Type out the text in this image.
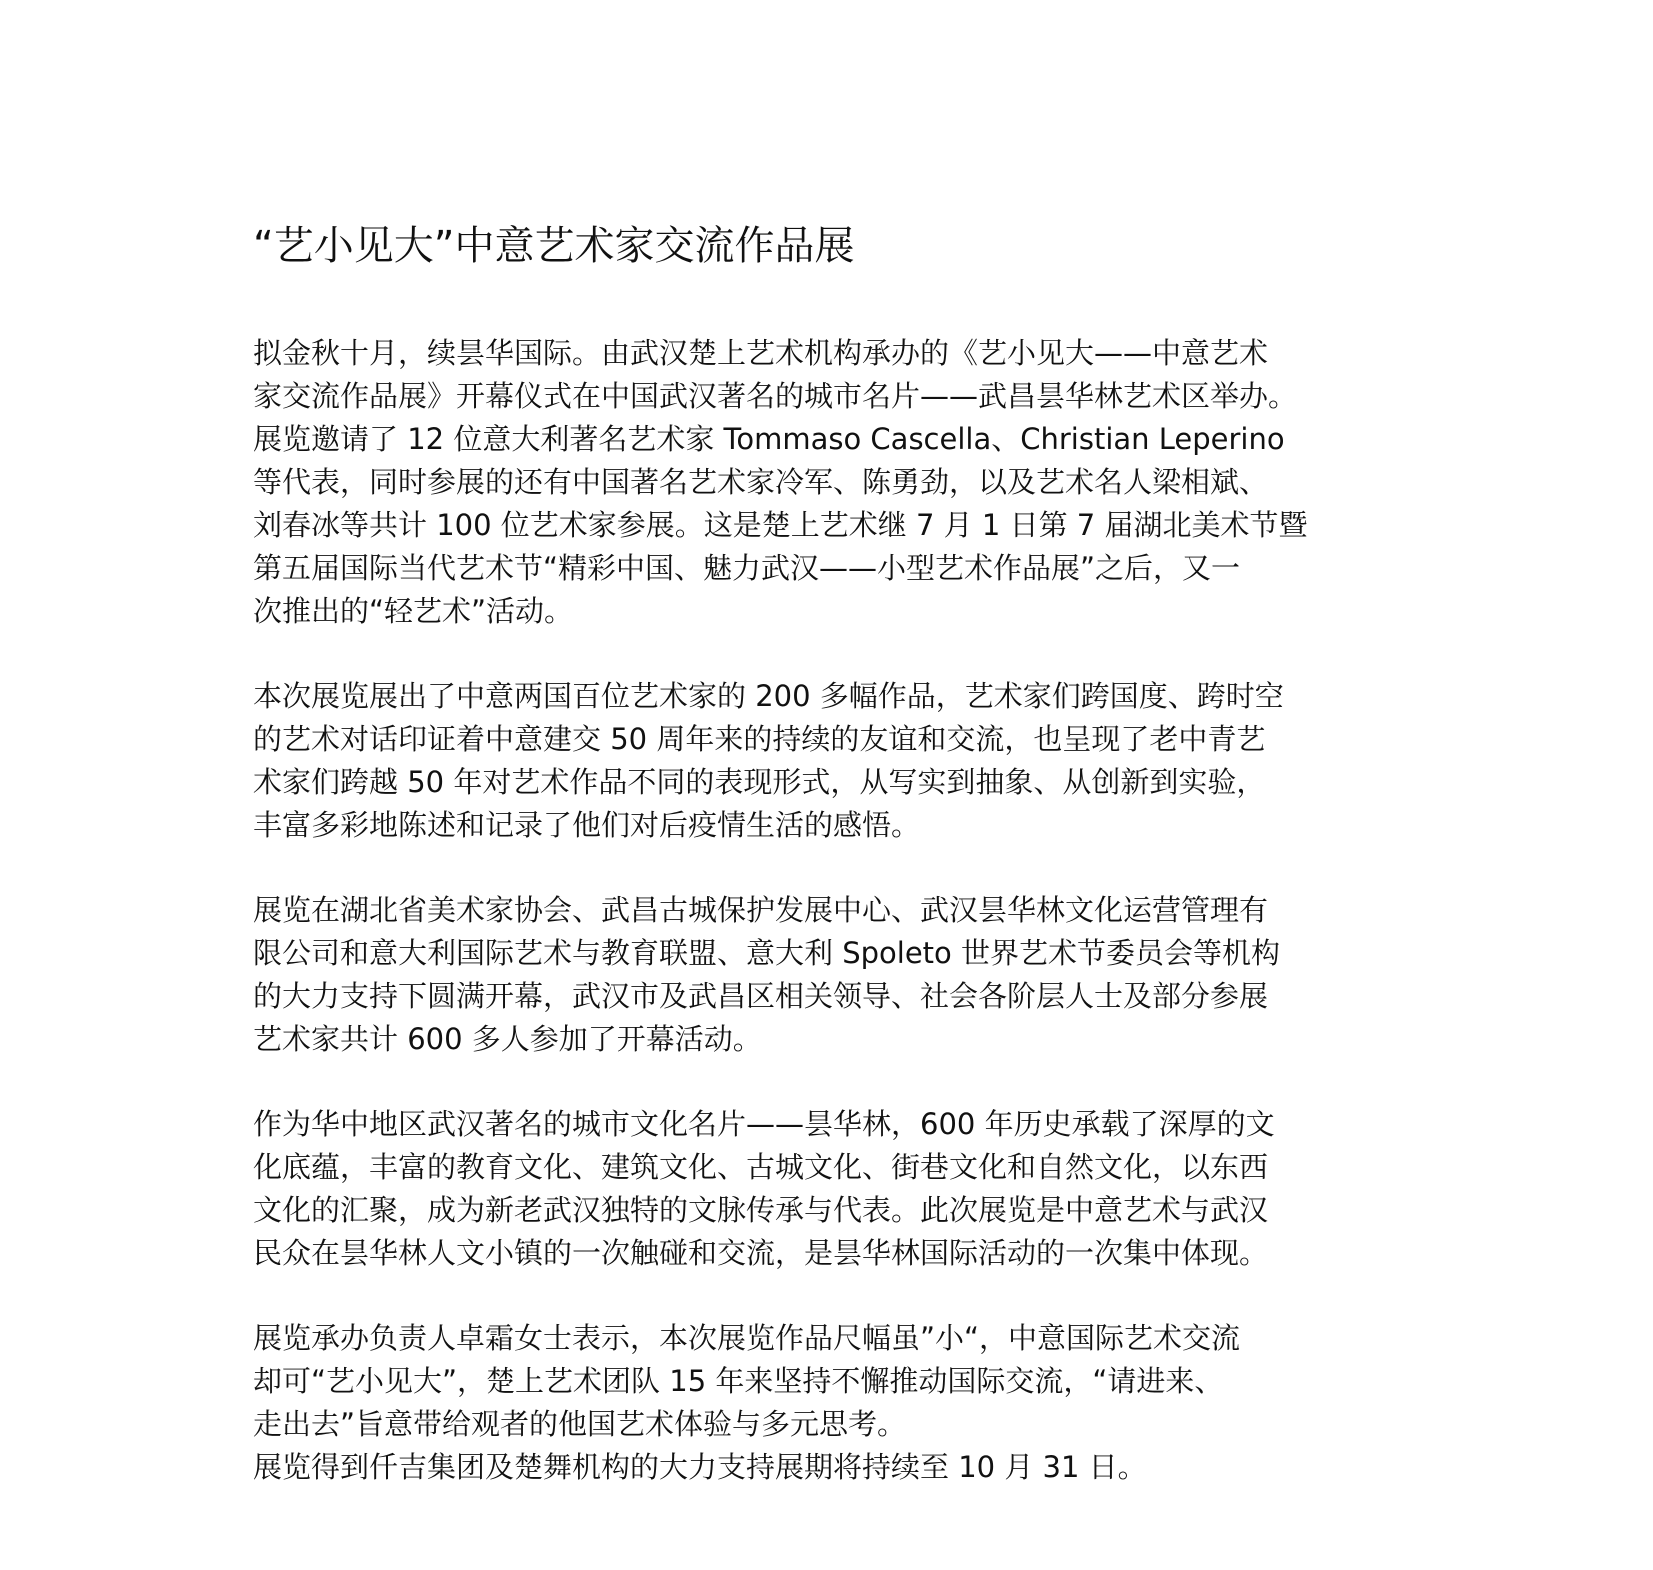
“艺小见大”中意艺术家交流作品展

拟金秋十月，续昙华国际。由武汉楚上艺术机构承办的《艺小见大——中意艺术
家交流作品展》开幕仪式在中国武汉著名的城市名片——武昌昙华林艺术区举办。
展览邀请了 12 位意大利著名艺术家 Tommaso Cascella、Christian Leperino
等代表，同时参展的还有中国著名艺术家冷军、陈勇劲，以及艺术名人梁相斌、
刘春冰等共计 100 位艺术家参展。这是楚上艺术继 7 月 1 日第 7 届湖北美术节暨
第五届国际当代艺术节“精彩中国、魅力武汉——小型艺术作品展”之后，又一
次推出的“轻艺术”活动。

本次展览展出了中意两国百位艺术家的 200 多幅作品，艺术家们跨国度、跨时空
的艺术对话印证着中意建交 50 周年来的持续的友谊和交流，也呈现了老中青艺
术家们跨越 50 年对艺术作品不同的表现形式，从写实到抽象、从创新到实验，
丰富多彩地陈述和记录了他们对后疫情生活的感悟。

展览在湖北省美术家协会、武昌古城保护发展中心、武汉昙华林文化运营管理有
限公司和意大利国际艺术与教育联盟、意大利 Spoleto 世界艺术节委员会等机构
的大力支持下圆满开幕，武汉市及武昌区相关领导、社会各阶层人士及部分参展
艺术家共计 600 多人参加了开幕活动。

作为华中地区武汉著名的城市文化名片——昙华林，600 年历史承载了深厚的文
化底蕴，丰富的教育文化、建筑文化、古城文化、街巷文化和自然文化，以东西
文化的汇聚，成为新老武汉独特的文脉传承与代表。此次展览是中意艺术与武汉
民众在昙华林人文小镇的一次触碰和交流，是昙华林国际活动的一次集中体现。

展览承办负责人卓霜女士表示，本次展览作品尺幅虽”小“，中意国际艺术交流
却可“艺小见大”，楚上艺术团队 15 年来坚持不懈推动国际交流，“请进来、
走出去”旨意带给观者的他国艺术体验与多元思考。
展览得到仟吉集团及楚舞机构的大力支持展期将持续至 10 月 31 日。
